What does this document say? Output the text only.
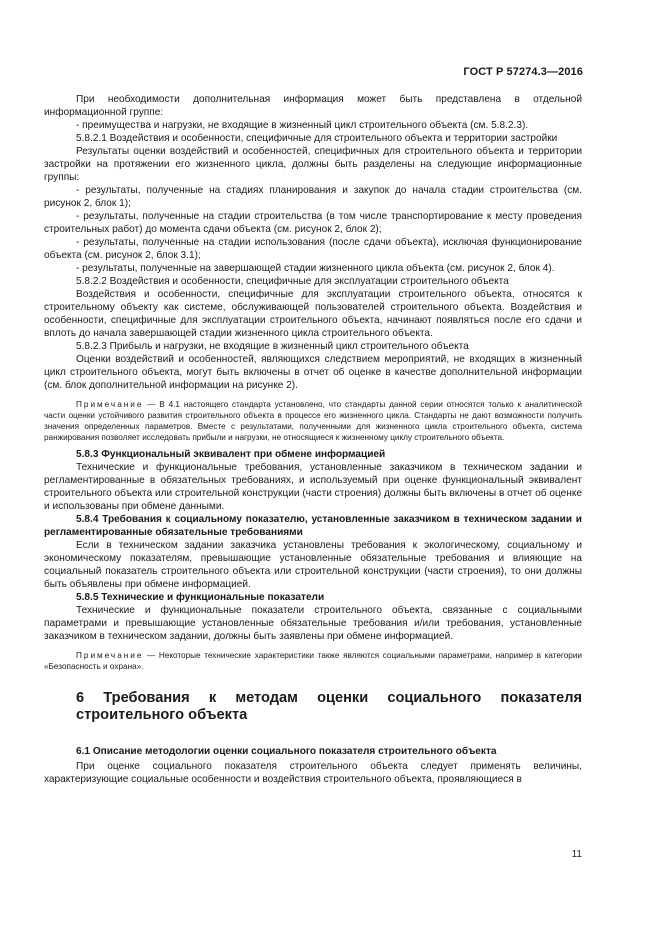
ГОСТ Р 57274.3—2016

При необходимости дополнительная информация может быть представлена в отдельной информационной группе:

- преимущества и нагрузки, не входящие в жизненный цикл строительного объекта (см. 5.8.2.3).

5.8.2.1 Воздействия и особенности, специфичные для строительного объекта и территории застройки

Результаты оценки воздействий и особенностей, специфичных для строительного объекта и территории застройки на протяжении его жизненного цикла, должны быть разделены на следующие информационные группы:

- результаты, полученные на стадиях планирования и закупок до начала стадии строительства (см. рисунок 2, блок 1);

- результаты, полученные на стадии строительства (в том числе транспортирование к месту проведения строительных работ) до момента сдачи объекта (см. рисунок 2, блок 2);

- результаты, полученные на стадии использования (после сдачи объекта), исключая функционирование объекта (см. рисунок 2, блок 3.1);

- результаты, полученные на завершающей стадии жизненного цикла объекта (см. рисунок 2, блок 4).

5.8.2.2 Воздействия и особенности, специфичные для эксплуатации строительного объекта

Воздействия и особенности, специфичные для эксплуатации строительного объекта, относятся к строительному объекту как системе, обслуживающей пользователей строительного объекта. Воздействия и особенности, специфичные для эксплуатации строительного объекта, начинают появляться после его сдачи и вплоть до начала завершающей стадии жизненного цикла строительного объекта.

5.8.2.3 Прибыль и нагрузки, не входящие в жизненный цикл строительного объекта

Оценки воздействий и особенностей, являющихся следствием мероприятий, не входящих в жизненный цикл строительного объекта, могут быть включены в отчет об оценке в качестве дополнительной информации (см. блок дополнительной информации на рисунке 2).

Примечание — В 4.1 настоящего стандарта установлено, что стандарты данной серии относятся только к аналитической части оценки устойчивого развития строительного объекта в процессе его жизненного цикла. Стандарты не дают возможности получить значения определенных параметров. Вместе с результатами, полученными для жизненного цикла строительного объекта, система ранжирования позволяет исследовать прибыли и нагрузки, не относящиеся к жизненному циклу строительного объекта.

5.8.3 Функциональный эквивалент при обмене информацией

Технические и функциональные требования, установленные заказчиком в техническом задании и регламентированные в обязательных требованиях, и используемый при оценке функциональный эквивалент строительного объекта или строительной конструкции (части строения) должны быть включены в отчет об оценке и использованы при обмене данными.

5.8.4 Требования к социальному показателю, установленные заказчиком в техническом задании и регламентированные обязательные требованиями

Если в техническом задании заказчика установлены требования к экологическому, социальному и экономическому показателям, превышающие установленные обязательные требования и влияющие на социальный показатель строительного объекта или строительной конструкции (части строения), то они должны быть объявлены при обмене информацией.

5.8.5 Технические и функциональные показатели

Технические и функциональные показатели строительного объекта, связанные с социальными параметрами и превышающие установленные обязательные требования и/или требования, установленные заказчиком в техническом задании, должны быть заявлены при обмене информацией.

Примечание — Некоторые технические характеристики также являются социальными параметрами, например в категории «Безопасность и охрана».

6 Требования к методам оценки социального показателя строительного объекта

6.1 Описание методологии оценки социального показателя строительного объекта

При оценке социального показателя строительного объекта следует применять величины, характеризующие социальные особенности и воздействия строительного объекта, проявляющиеся в

11
